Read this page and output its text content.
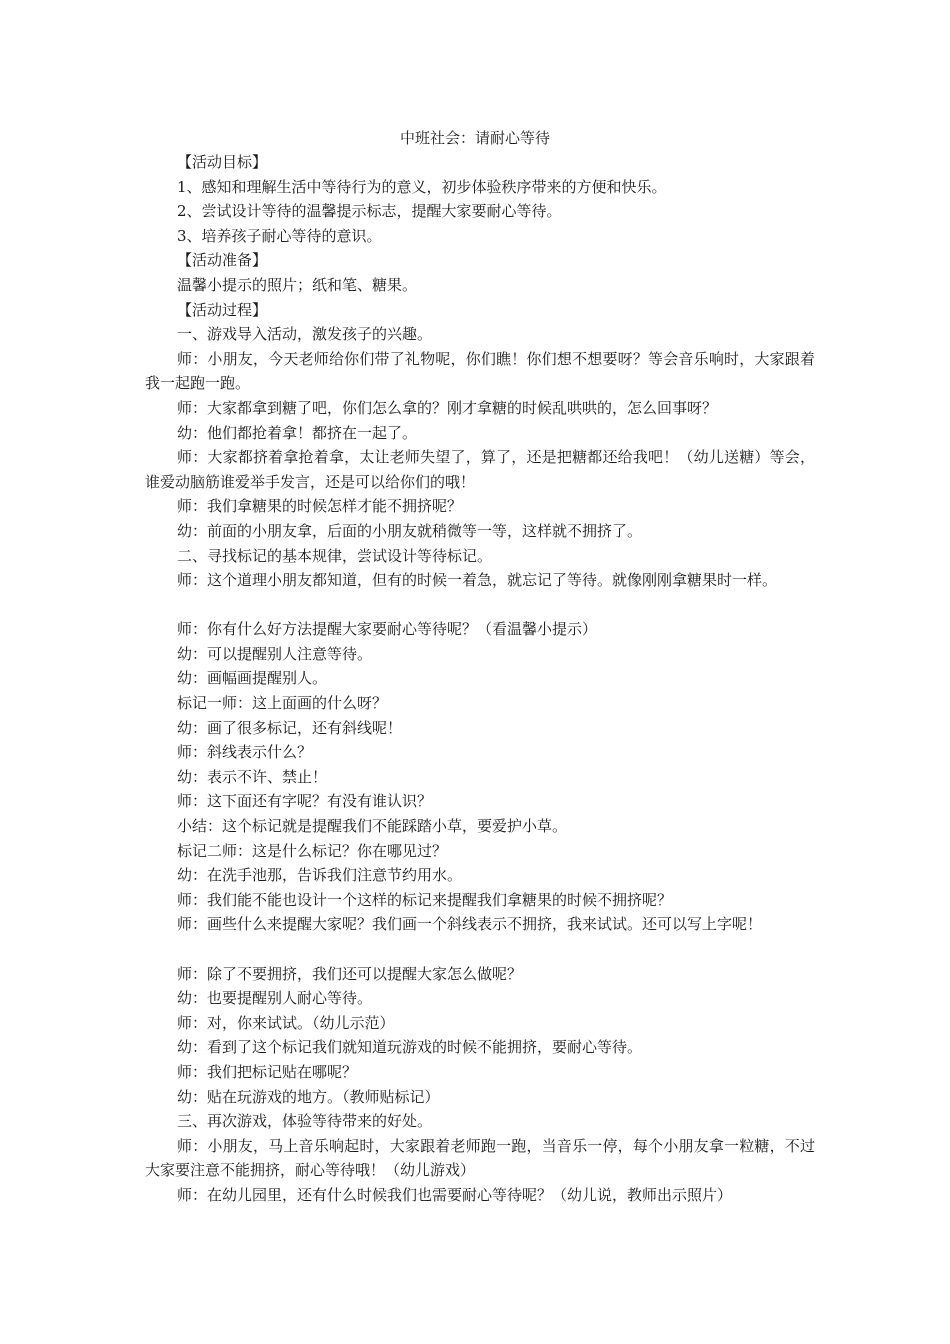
中班社会：请耐心等待

【活动目标】

1、感知和理解生活中等待行为的意义，初步体验秩序带来的方便和快乐。

2、尝试设计等待的温馨提示标志，提醒大家要耐心等待。

3、培养孩子耐心等待的意识。

【活动准备】

温馨小提示的照片；纸和笔、糖果。

【活动过程】

一、游戏导入活动，激发孩子的兴趣。

师：小朋友，今天老师给你们带了礼物呢，你们瞧！你们想不想要呀？等会音乐响时，大家跟着我一起跑一跑。

师：大家都拿到糖了吧，你们怎么拿的？刚才拿糖的时候乱哄哄的，怎么回事呀？

幼：他们都抢着拿！都挤在一起了。

师：大家都挤着拿抢着拿，太让老师失望了，算了，还是把糖都还给我吧！（幼儿送糖）等会，谁爱动脑筋谁爱举手发言，还是可以给你们的哦！

师：我们拿糖果的时候怎样才能不拥挤呢？

幼：前面的小朋友拿，后面的小朋友就稍微等一等，这样就不拥挤了。

二、寻找标记的基本规律，尝试设计等待标记。

师：这个道理小朋友都知道，但有的时候一着急，就忘记了等待。就像刚刚拿糖果时一样。

师：你有什么好方法提醒大家要耐心等待呢？（看温馨小提示）

幼：可以提醒别人注意等待。

幼：画幅画提醒别人。

标记一师：这上面画的什么呀？

幼：画了很多标记，还有斜线呢！

师：斜线表示什么？

幼：表示不许、禁止！

师：这下面还有字呢？有没有谁认识？

小结：这个标记就是提醒我们不能踩踏小草，要爱护小草。

标记二师：这是什么标记？你在哪见过？

幼：在洗手池那，告诉我们注意节约用水。

师：我们能不能也设计一个这样的标记来提醒我们拿糖果的时候不拥挤呢？

师：画些什么来提醒大家呢？我们画一个斜线表示不拥挤，我来试试。还可以写上字呢！

师：除了不要拥挤，我们还可以提醒大家怎么做呢？

幼：也要提醒别人耐心等待。

师：对，你来试试。（幼儿示范）

幼：看到了这个标记我们就知道玩游戏的时候不能拥挤，要耐心等待。

师：我们把标记贴在哪呢？

幼：贴在玩游戏的地方。（教师贴标记）

三、再次游戏，体验等待带来的好处。

师：小朋友，马上音乐响起时，大家跟着老师跑一跑，当音乐一停，每个小朋友拿一粒糖，不过大家要注意不能拥挤，耐心等待哦！（幼儿游戏）

师：在幼儿园里，还有什么时候我们也需要耐心等待呢？（幼儿说，教师出示照片）
